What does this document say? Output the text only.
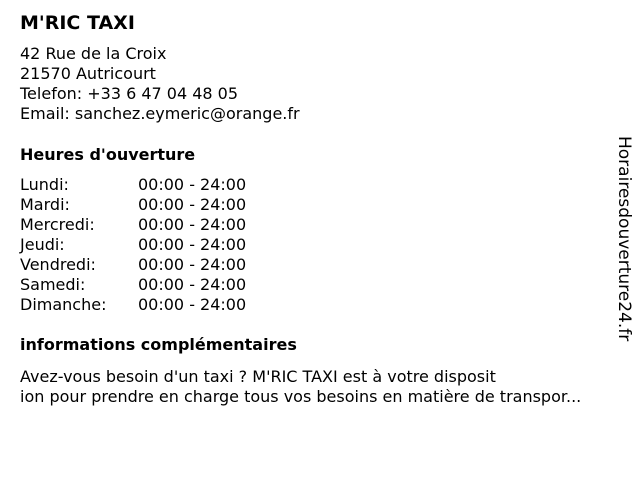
M'RIC TAXI
42 Rue de la Croix
21570 Autricourt
Telefon: +33 6 47 04 48 05
Email: sanchez.eymeric@orange.fr
Heures d'ouverture
Lundi:	00:00 - 24:00
Mardi:	00:00 - 24:00
Mercredi:	00:00 - 24:00
Jeudi:	00:00 - 24:00
Vendredi:	00:00 - 24:00
Samedi:	00:00 - 24:00
Dimanche:	00:00 - 24:00
informations complémentaires
Avez-vous besoin d'un taxi ? M'RIC TAXI est à votre disposit
ion pour prendre en charge tous vos besoins en matière de transpor...
Horairesdouverture24.fr
